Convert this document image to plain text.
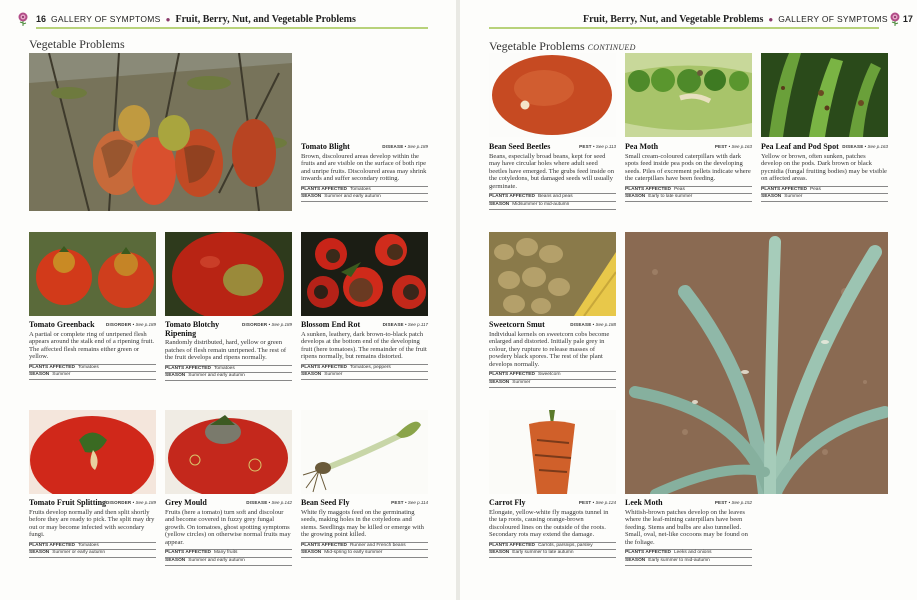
16 GALLERY OF SYMPTOMS ● Fruit, Berry, Nut, and Vegetable Problems
Vegetable Problems
Tomato Blight	DISEASE • See p.189
Brown, discoloured areas develop within the fruits and are visible on the surface of both ripe and unripe fruits. Discoloured areas may shrink inwards and suffer secondary rotting.
PLANTS AFFECTED Tomatoes
SEASON Summer and early autumn
Tomato Greenback	DISORDER • See p.189
A partial or complete ring of unripened flesh appears around the stalk end of a ripening fruit. The affected flesh remains either green or yellow.
PLANTS AFFECTED Tomatoes
SEASON Summer
Tomato Blotchy Ripening
DISORDER • See p.189
Randomly distributed, hard, yellow or green patches of flesh remain unripened. The rest of the fruit develops and ripens normally.
PLANTS AFFECTED Tomatoes
SEASON Summer and early autumn
Blossom End Rot	DISEASE • See p.117
A sunken, leathery, dark brown-to-black patch develops at the bottom end of the developing fruit (here tomatoes). The remainder of the fruit ripens normally, but remains distorted.
PLANTS AFFECTED Tomatoes, peppers
SEASON Summer
Tomato Fruit Splitting DISORDER • See p.189
Fruits develop normally and then split shortly before they are ready to pick. The split may dry out or may become infected with secondary fungi.
PLANTS AFFECTED Tomatoes
SEASON Summer or early autumn
Grey Mould	DISEASE • See p.142
Fruits (here a tomato) turn soft and discolour and become covered in fuzzy grey fungal growth. On tomatoes, ghost spotting symptoms (yellow circles) on otherwise normal fruits may appear.
PLANTS AFFECTED Many fruits
SEASON Summer and early autumn
Bean Seed Fly	PEST • See p.114
White fly maggots feed on the germinating seeds, making holes in the cotyledons and stems. Seedlings may be killed or emerge with the growing point killed.
PLANTS AFFECTED Runner and French beans
SEASON Mid-spring to early summer
Fruit, Berry, Nut, and Vegetable Problems ● GALLERY OF SYMPTOMS 17
Vegetable Problems CONTINUED
Bean Seed Beetles	PEST • See p.113
Beans, especially broad beans, kept for seed may have circular holes where adult seed beetles have emerged. The grubs feed inside on the cotyledons, but damaged seeds will usually germinate.
PLANTS AFFECTED Beans and peas
SEASON Midsummer to mid-autumn
Pea Moth	PEST • See p.163
Small cream-coloured caterpillars with dark spots feed inside pea pods on the developing seeds. Piles of excrement pellets indicate where the caterpillars have been feeding.
PLANTS AFFECTED Peas
SEASON Early to late summer
Pea Leaf and Pod Spot DISEASE • See p.163
Yellow or brown, often sunken, patches develop on the pods. Dark brown or black pycnidia (fungal fruiting bodies) may be visible on affected areas.
PLANTS AFFECTED Peas
SEASON Summer
Sweetcorn Smut	DISEASE • See p.188
Individual kernels on sweetcorn cobs become enlarged and distorted. Initially pale grey in colour, they rupture to release masses of powdery black spores. The rest of the plant develops normally.
PLANTS AFFECTED Sweetcorn
SEASON Summer
Carrot Fly	PEST • See p.124
Elongate, yellow-white fly maggots tunnel in the tap roots, causing orange-brown discoloured lines on the outside of the roots. Secondary rots may extend the damage.
PLANTS AFFECTED Carrots, parsnips, parsley
SEASON Early summer to late autumn
Leek Moth	PEST • See p.152
Whitish-brown patches develop on the leaves where the leaf-mining caterpillars have been feeding. Stems and bulbs are also tunnelled. Small, oval, net-like cocoons may be found on the foliage.
PLANTS AFFECTED Leeks and onions
SEASON Early summer to mid-autumn
